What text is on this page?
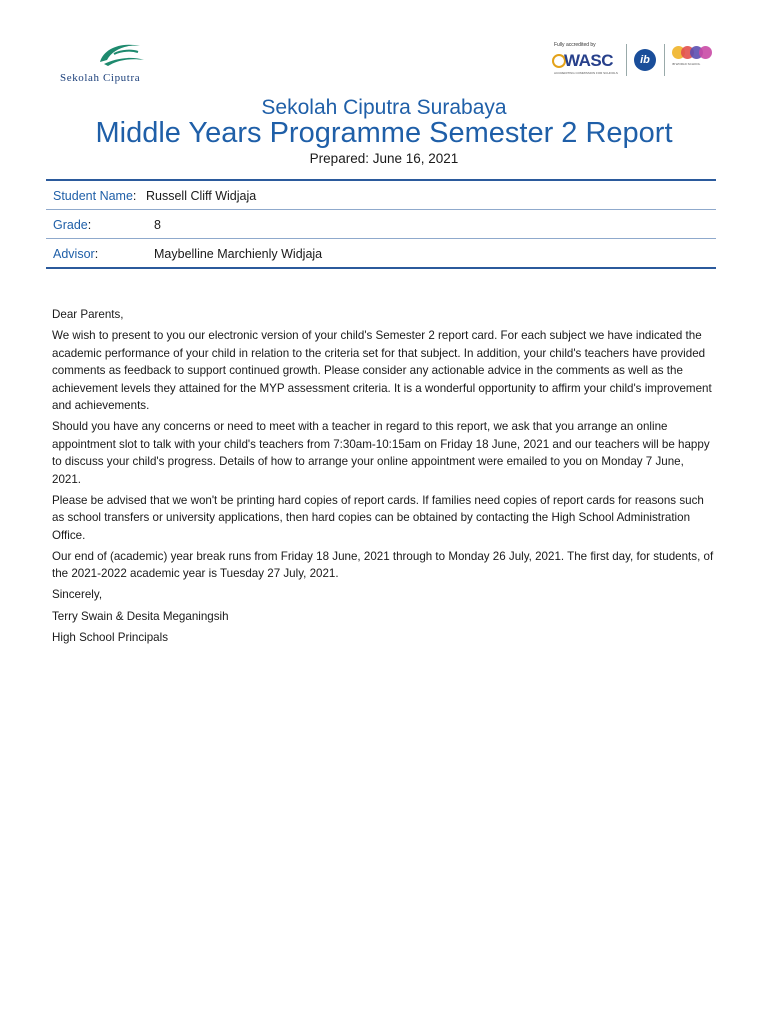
Sekolah Ciputra
Fully accredited by
WASC
ACCREDITING COMMISSION FOR SCHOOLS
ib	IB WORLD SCHOOL
Sekolah Ciputra Surabaya
Middle Years Programme Semester 2 Report
Prepared: June 16, 2021
Student Name: Russell Cliff Widjaja
Grade:	8
Advisor:	Maybelline Marchienly Widjaja

Dear Parents,

We wish to present to you our electronic version of your child's Semester 2 report card. For each subject we have indicated the academic performance of your child in relation to the criteria set for that subject. In addition, your child's teachers have provided comments as feedback to support continued growth. Please consider any actionable advice in the comments as well as the achievement levels they attained for the MYP assessment criteria. It is a wonderful opportunity to affirm your child's improvement and achievements.

Should you have any concerns or need to meet with a teacher in regard to this report, we ask that you arrange an online appointment slot to talk with your child's teachers from 7:30am-10:15am on Friday 18 June, 2021 and our teachers will be happy to discuss your child's progress. Details of how to arrange your online appointment were emailed to you on Monday 7 June, 2021.

Please be advised that we won't be printing hard copies of report cards. If families need copies of report cards for reasons such as school transfers or university applications, then hard copies can be obtained by contacting the High School Administration Office.

Our end of (academic) year break runs from Friday 18 June, 2021 through to Monday 26 July, 2021. The first day, for students, of the 2021-2022 academic year is Tuesday 27 July, 2021.

Sincerely,

Terry Swain & Desita Meganingsih

High School Principals
